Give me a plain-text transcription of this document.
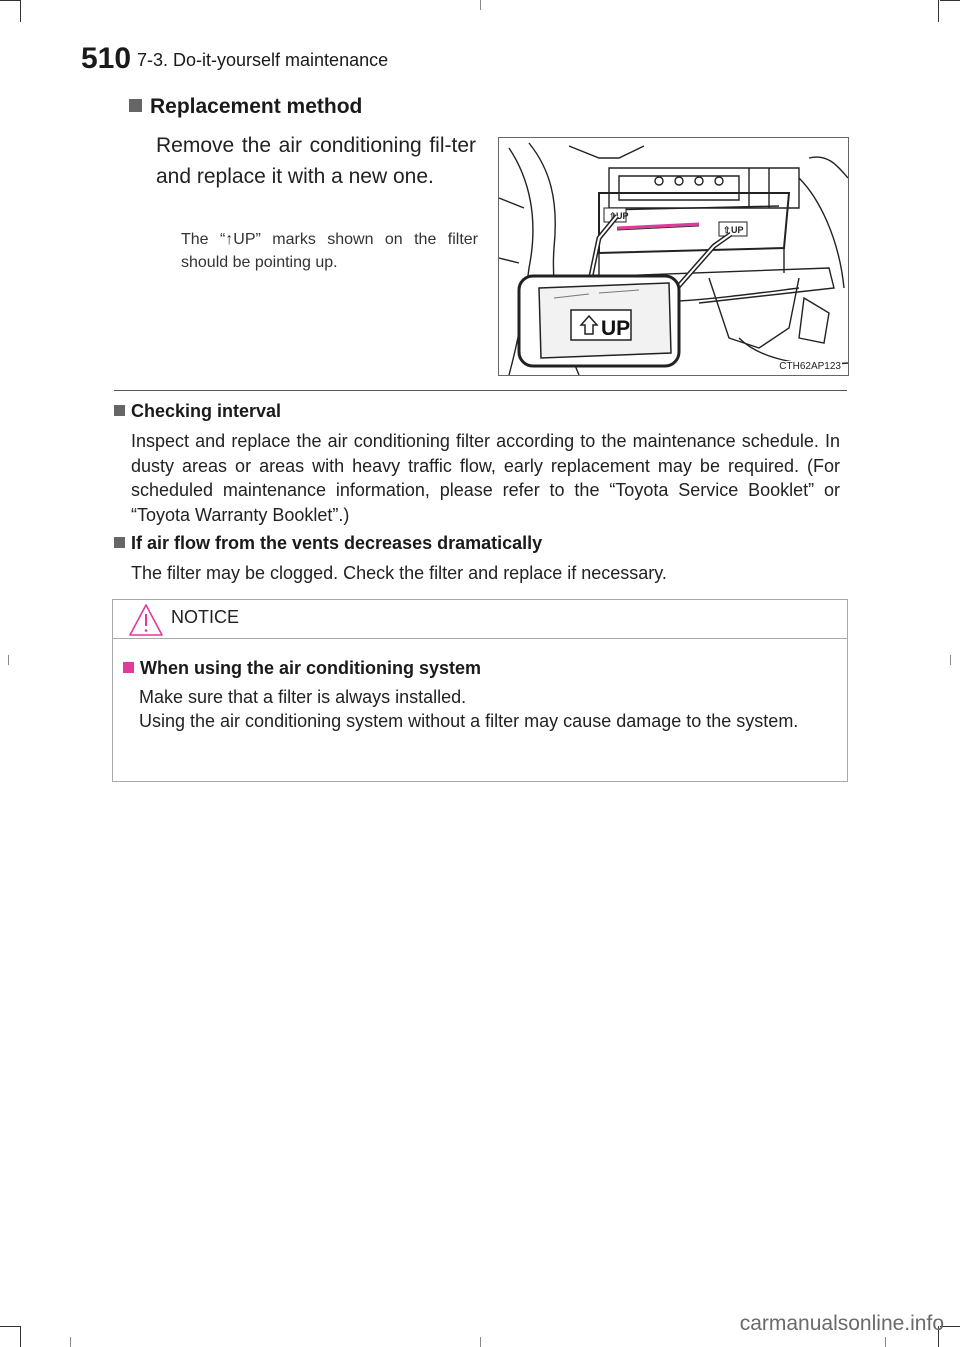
510 7-3. Do-it-yourself maintenance
Replacement method
Remove the air conditioning fil-ter and replace it with a new one.
The “↑UP” marks shown on the filter should be pointing up.
⇧ UP
⇧ UP
UP
CTH62AP123
Checking interval
Inspect and replace the air conditioning filter according to the maintenance schedule. In dusty areas or areas with heavy traffic flow, early replacement may be required. (For scheduled maintenance information, please refer to the “Toyota Service Booklet” or “Toyota Warranty Booklet”.)
If air flow from the vents decreases dramatically
The filter may be clogged. Check the filter and replace if necessary.
NOTICE
When using the air conditioning system
Make sure that a filter is always installed.
Using the air conditioning system without a filter may cause damage to the system.
carmanualsonline.info
